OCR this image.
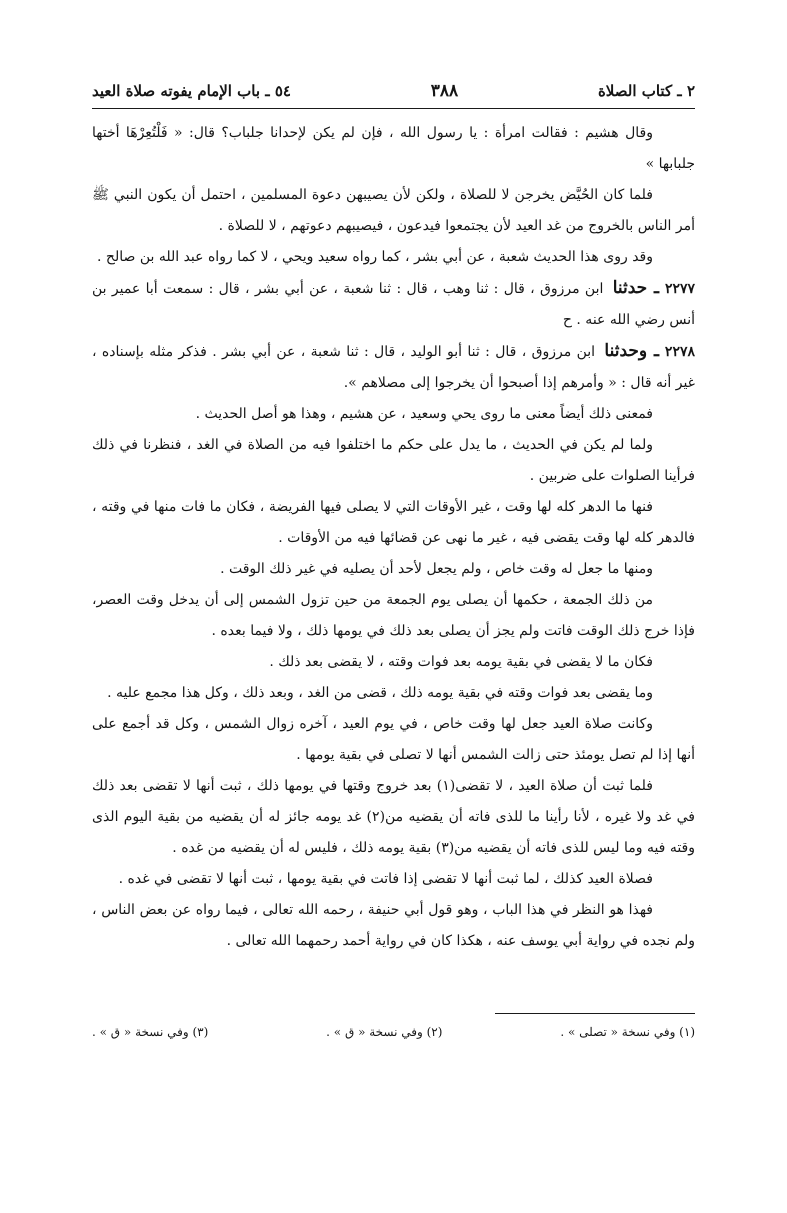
٢ ـ كتاب الصلاة
٣٨٨
٥٤ ـ باب الإمام يفوته صلاة العيد

وقال هشيم : فقالت امرأة : يا رسول الله ، فإن لم يكن لإحدانا جلباب؟ قال: « فَلْتُعِرْهَا أختها جلبابها »

فلما كان الحُيَّض يخرجن لا للصلاة ، ولكن لأن يصيبهن دعوة المسلمين ، احتمل أن يكون النبي ﷺ أمر الناس بالخروج من غد العيد لأن يجتمعوا فيدعون ، فيصيبهم دعوتهم ، لا للصلاة .

وقد روى هذا الحديث شعبة ، عن أبي بشر ، كما رواه سعيد ويحي ، لا كما رواه عبد الله بن صالح .

٢٢٧٧ـ حدثنا ابن مرزوق ، قال : ثنا وهب ، قال : ثنا شعبة ، عن أبي بشر ، قال : سمعت أبا عمير بن أنس رضي الله عنه . ح

٢٢٧٨ـ وحدثنا ابن مرزوق ، قال : ثنا أبو الوليد ، قال : ثنا شعبة ، عن أبي بشر . فذكر مثله بإسناده ، غير أنه قال : « وأمرهم إذا أصبحوا أن يخرجوا إلى مصلاهم ».

فمعنى ذلك أيضاً معنى ما روى يحي وسعيد ، عن هشيم ، وهذا هو أصل الحديث .

ولما لم يكن في الحديث ، ما يدل على حكم ما اختلفوا فيه من الصلاة في الغد ، فنظرنا في ذلك فرأينا الصلوات على ضربين .

فنها ما الدهر كله لها وقت ، غير الأوقات التي لا يصلى فيها الفريضة ، فكان ما فات منها في وقته ، فالدهر كله لها وقت يقضى فيه ، غير ما نهى عن قضائها فيه من الأوقات .

ومنها ما جعل له وقت خاص ، ولم يجعل لأحد أن يصليه في غير ذلك الوقت .

من ذلك الجمعة ، حكمها أن يصلى يوم الجمعة من حين تزول الشمس إلى أن يدخل وقت العصر، فإذا خرج ذلك الوقت فاتت ولم يجز أن يصلى بعد ذلك في يومها ذلك ، ولا فيما بعده .

فكان ما لا يقضى في بقية يومه بعد فوات وقته ، لا يقضى بعد ذلك .

وما يقضى بعد فوات وقته في بقية يومه ذلك ، قضى من الغد ، وبعد ذلك ، وكل هذا مجمع عليه .

وكانت صلاة العيد جعل لها وقت خاص ، في يوم العيد ، آخره زوال الشمس ، وكل قد أجمع على أنها إذا لم تصل يومئذ حتى زالت الشمس أنها لا تصلى في بقية يومها .

فلما ثبت أن صلاة العيد ، لا تقضى(١) بعد خروج وقتها في يومها ذلك ، ثبت أنها لا تقضى بعد ذلك في غد ولا غيره ، لأنا رأينا ما للذى فاته أن يقضيه من(٢) غد يومه جائز له أن يقضيه من بقية اليوم الذى وقته فيه وما ليس للذى فاته أن يقضيه من(٣) بقية يومه ذلك ، فليس له أن يقضيه من غده .

فصلاة العيد كذلك ، لما ثبت أنها لا تقضى إذا فاتت في بقية يومها ، ثبت أنها لا تقضى في غده .

فهذا هو النظر في هذا الباب ، وهو قول أبي حنيفة ، رحمه الله تعالى ، فيما رواه عن بعض الناس ، ولم نجده في رواية أبي يوسف عنه ، هكذا كان في رواية أحمد رحمهما الله تعالى .

(١) وفي نسخة « تصلى » .
(٢) وفي نسخة « ق » .
(٣) وفي نسخة « ق » .
